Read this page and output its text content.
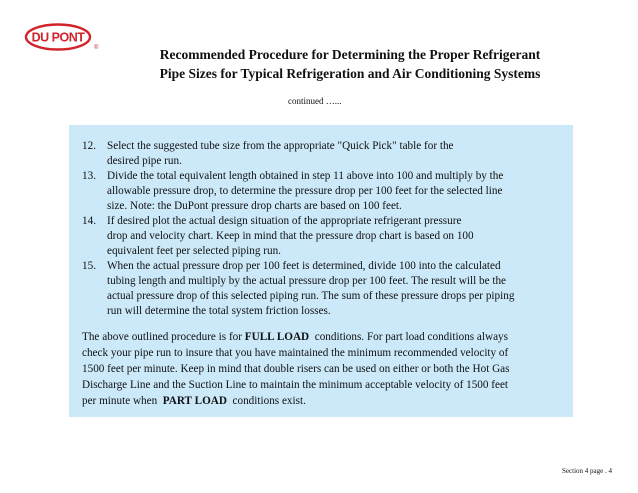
DU PONT
®	Recommended Procedure for Determining the Proper Refrigerant
Pipe Sizes for Typical Refrigeration and Air Conditioning Systems
continued …...
12. Select the suggested tube size from the appropriate "Quick Pick" table for the
desired pipe run.
13. Divide the total equivalent length obtained in step 11 above into 100 and multiply by the
allowable pressure drop, to determine the pressure drop per 100 feet for the selected line
size. Note: the DuPont pressure drop charts are based on 100 feet.
14. If desired plot the actual design situation of the appropriate refrigerant pressure
drop and velocity chart. Keep in mind that the pressure drop chart is based on 100
equivalent feet per selected piping run.
15. When the actual pressure drop per 100 feet is determined, divide 100 into the calculated
tubing length and multiply by the actual pressure drop per 100 feet. The result will be the
actual pressure drop of this selected piping run. The sum of these pressure drops per piping
run will determine the total system friction losses.
The above outlined procedure is for FULL LOAD  conditions. For part load conditions always
check your pipe run to insure that you have maintained the minimum recommended velocity of
1500 feet per minute. Keep in mind that double risers can be used on either or both the Hot Gas
Discharge Line and the Suction Line to maintain the minimum acceptable velocity of 1500 feet
per minute when  PART LOAD  conditions exist.
Section 4 page . 4
